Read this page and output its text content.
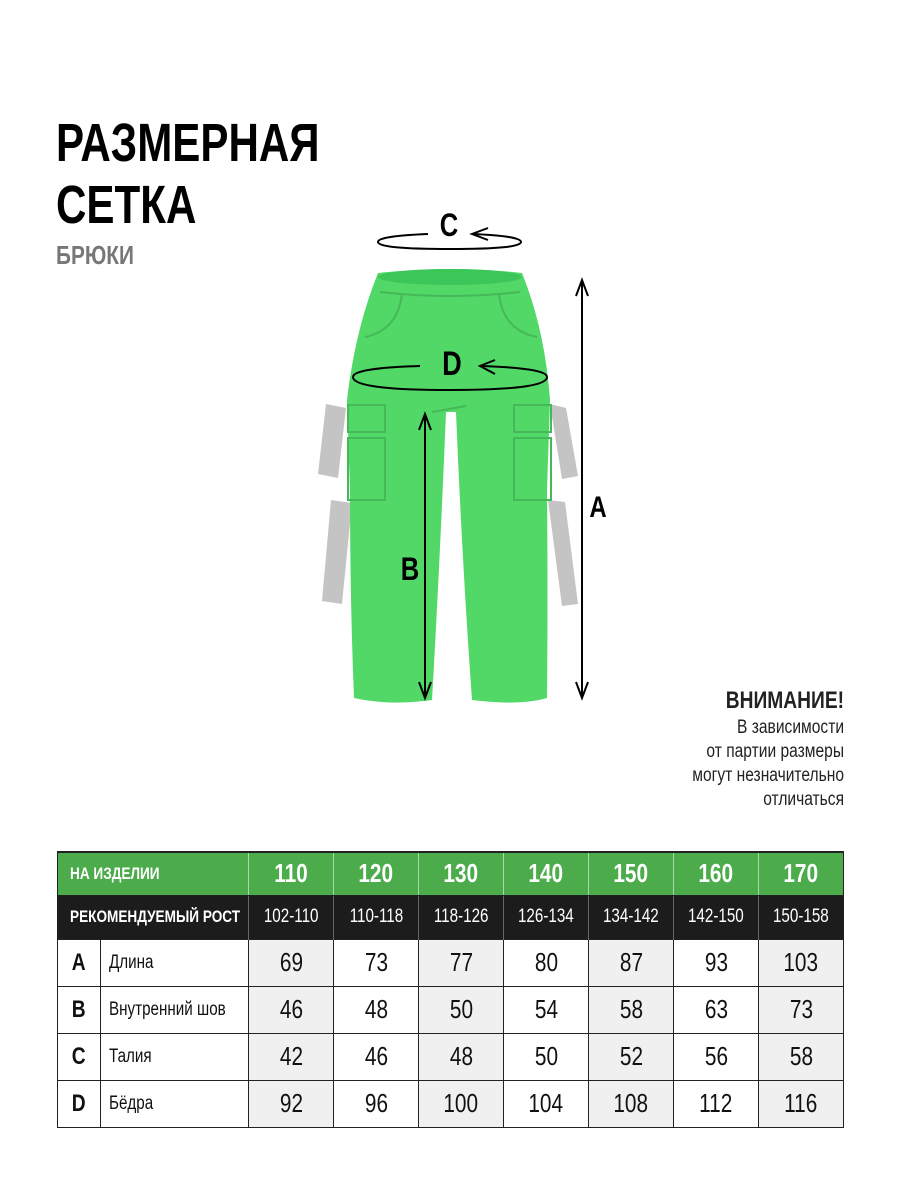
РАЗМЕРНАЯ
СЕТКА
БРЮКИ
C
D
B
A
ВНИМАНИЕ!
В зависимости
от партии размеры
могут незначительно
отличаться
НА ИЗДЕЛИИ		110	120	130	140	150	160	170
РЕКОМЕНДУЕМЫЙ РОСТ		102-110	110-118	118-126	126-134	134-142	142-150	150-158
A	Длина	69	73	77	80	87	93	103
B	Внутренний шов	46	48	50	54	58	63	73
C	Талия	42	46	48	50	52	56	58
D	Бёдра	92	96	100	104	108	112	116
